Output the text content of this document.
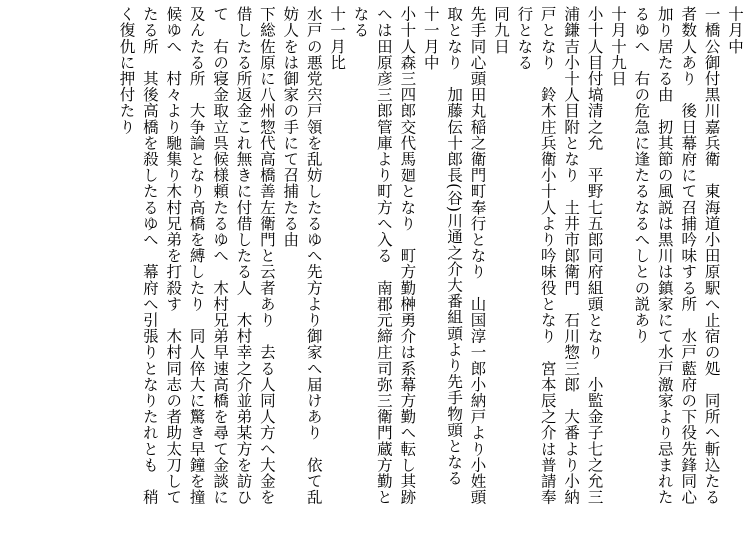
十月中
一橋公御付黒川嘉兵衛　東海道小田原駅へ止宿の処　同所へ斬込たる
者数人あり　後日幕府にて召捕吟味する所　水戸藍府の下役先鋒同心
加り居たる由　扨其節の風説は黒川は鎮家にて水戸激家より忌まれた
るゆへ　右の危急に逢たるなるへしとの説あり
十月十九日
小十人目付塙清之允　平野七五郎同府組頭となり　小監金子七之允三
浦鎌吉小十人目附となり　土井市郎衛門　石川惣三郎　大番より小納
戸となり　鈴木庄兵衛小十人より吟味役となり　宮本辰之介は普請奉
行となる
同九日
先手同心頭田丸稲之衛門町奉行となり　山国淳一郎小納戸より小姓頭
取となり　加藤伝十郎長(谷)川通之介大番組頭より先手物頭となる
十一月中
小十人森三四郎交代馬廻となり　町方勤榊勇介は系幕方勤へ転し其跡
へは田原彦三郎管庫より町方へ入る　南郡元締庄司弥三衛門蔵方勤と
なる
十一月比
水戸の悪党宍戸領を乱妨したるゆへ先方より御家へ届けあり　依て乱
妨人をは御家の手にて召捕たる由
下総佐原に八州惣代高橋善左衛門と云者あり　去る人同人方へ大金を
借したる所返金これ無きに付借したる人　木村幸之介並弟某方を訪ひ
て　右の寝金取立呉候様頼たるゆへ　木村兄弟早速高橋を尋て金談に
及んたる所　大争論となり高橋を縛したり　同人倅大に驚き早鐘を撞
候ゆへ　村々より馳集り木村兄弟を打殺す　木村同志の者助太刀して
たる所　其後高橋を殺したるゆへ　幕府へ引張りとなりたれとも　稍
く復仇に押付たり
